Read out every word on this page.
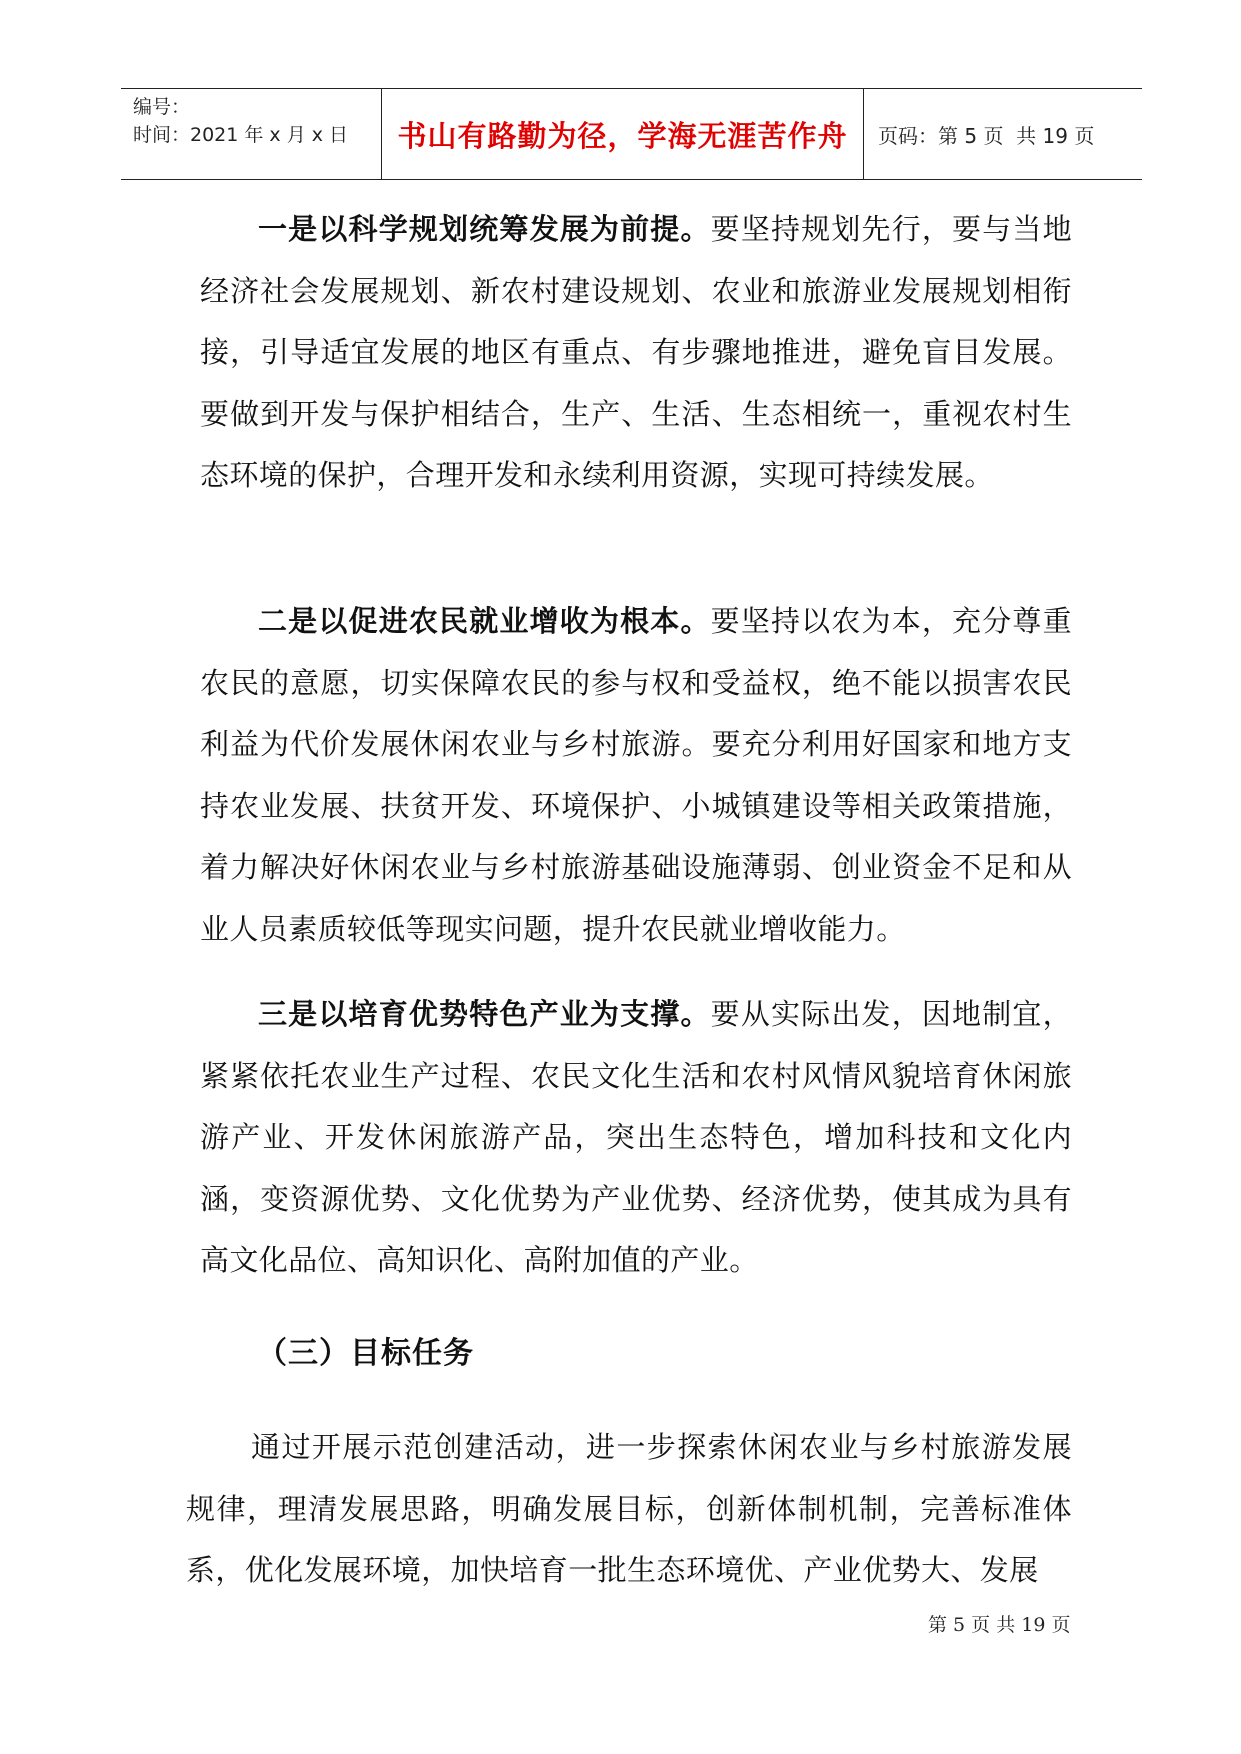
编号：
时间：2021 年 x 月 x 日	书山有路勤为径，学海无涯苦作舟	页码：第 5 页  共 19 页

一是以科学规划统筹发展为前提。要坚持规划先行，要与当地经济社会发展规划、新农村建设规划、农业和旅游业发展规划相衔接，引导适宜发展的地区有重点、有步骤地推进，避免盲目发展。要做到开发与保护相结合，生产、生活、生态相统一，重视农村生态环境的保护，合理开发和永续利用资源，实现可持续发展。

二是以促进农民就业增收为根本。要坚持以农为本，充分尊重农民的意愿，切实保障农民的参与权和受益权，绝不能以损害农民利益为代价发展休闲农业与乡村旅游。要充分利用好国家和地方支持农业发展、扶贫开发、环境保护、小城镇建设等相关政策措施，着力解决好休闲农业与乡村旅游基础设施薄弱、创业资金不足和从业人员素质较低等现实问题，提升农民就业增收能力。

三是以培育优势特色产业为支撑。要从实际出发，因地制宜，紧紧依托农业生产过程、农民文化生活和农村风情风貌培育休闲旅游产业、开发休闲旅游产品，突出生态特色，增加科技和文化内涵，变资源优势、文化优势为产业优势、经济优势，使其成为具有高文化品位、高知识化、高附加值的产业。

（三）目标任务

通过开展示范创建活动，进一步探索休闲农业与乡村旅游发展规律，理清发展思路，明确发展目标，创新体制机制，完善标准体系，优化发展环境，加快培育一批生态环境优、产业优势大、发展

第 5 页 共 19 页
